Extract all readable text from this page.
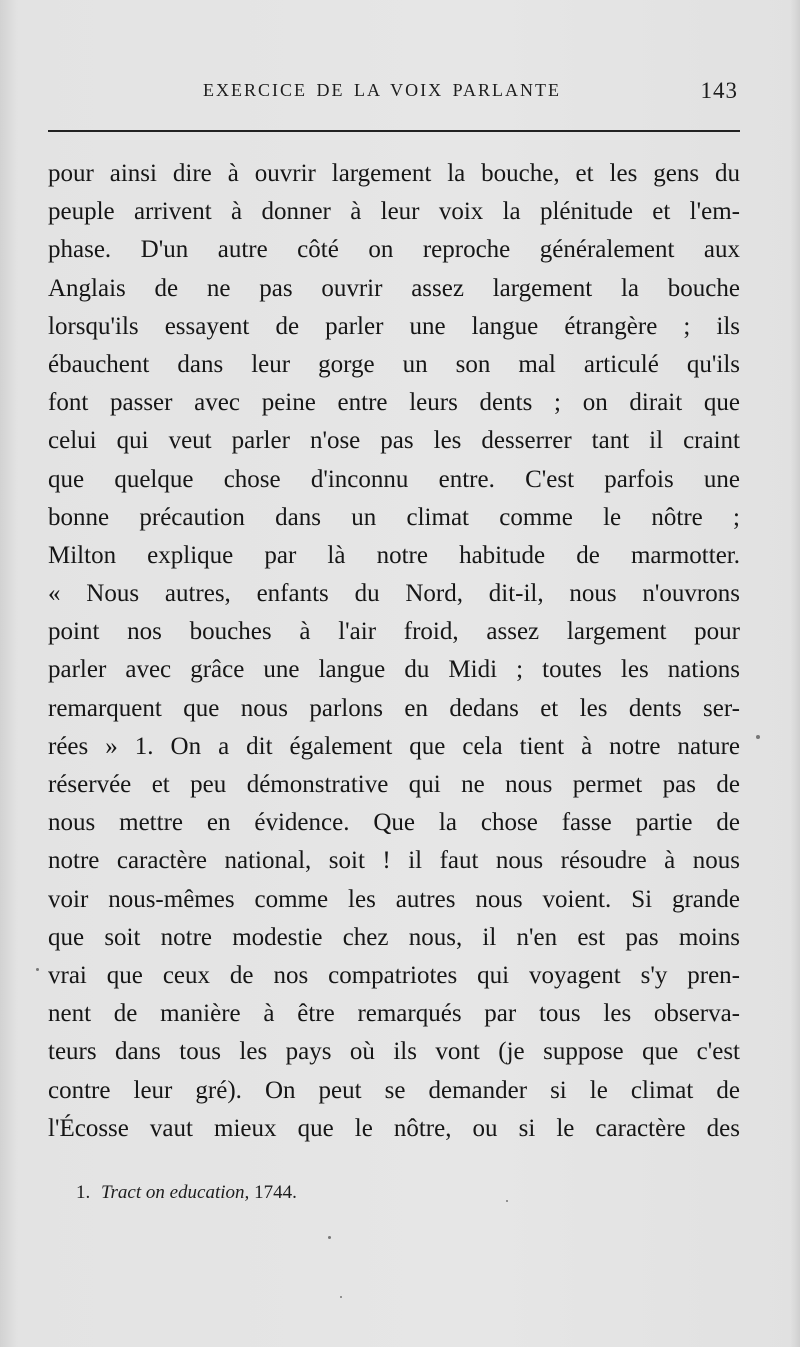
EXERCICE DE LA VOIX PARLANTE	143
pour ainsi dire à ouvrir largement la bouche, et les gens du
peuple arrivent à donner à leur voix la plénitude et l'em-
phase. D'un autre côté on reproche généralement aux
Anglais de ne pas ouvrir assez largement la bouche
lorsqu'ils essayent de parler une langue étrangère ; ils
ébauchent dans leur gorge un son mal articulé qu'ils
font passer avec peine entre leurs dents ; on dirait que
celui qui veut parler n'ose pas les desserrer tant il craint
que quelque chose d'inconnu entre. C'est parfois une
bonne précaution dans un climat comme le nôtre ;
Milton explique par là notre habitude de marmotter.
« Nous autres, enfants du Nord, dit-il, nous n'ouvrons
point nos bouches à l'air froid, assez largement pour
parler avec grâce une langue du Midi ; toutes les nations
remarquent que nous parlons en dedans et les dents ser-
rées » 1. On a dit également que cela tient à notre nature
réservée et peu démonstrative qui ne nous permet pas de
nous mettre en évidence. Que la chose fasse partie de
notre caractère national, soit ! il faut nous résoudre à nous
voir nous-mêmes comme les autres nous voient. Si grande
que soit notre modestie chez nous, il n'en est pas moins
vrai que ceux de nos compatriotes qui voyagent s'y pren-
nent de manière à être remarqués par tous les observa-
teurs dans tous les pays où ils vont (je suppose que c'est
contre leur gré). On peut se demander si le climat de
l'Écosse vaut mieux que le nôtre, ou si le caractère des
1. Tract on education, 1744.
